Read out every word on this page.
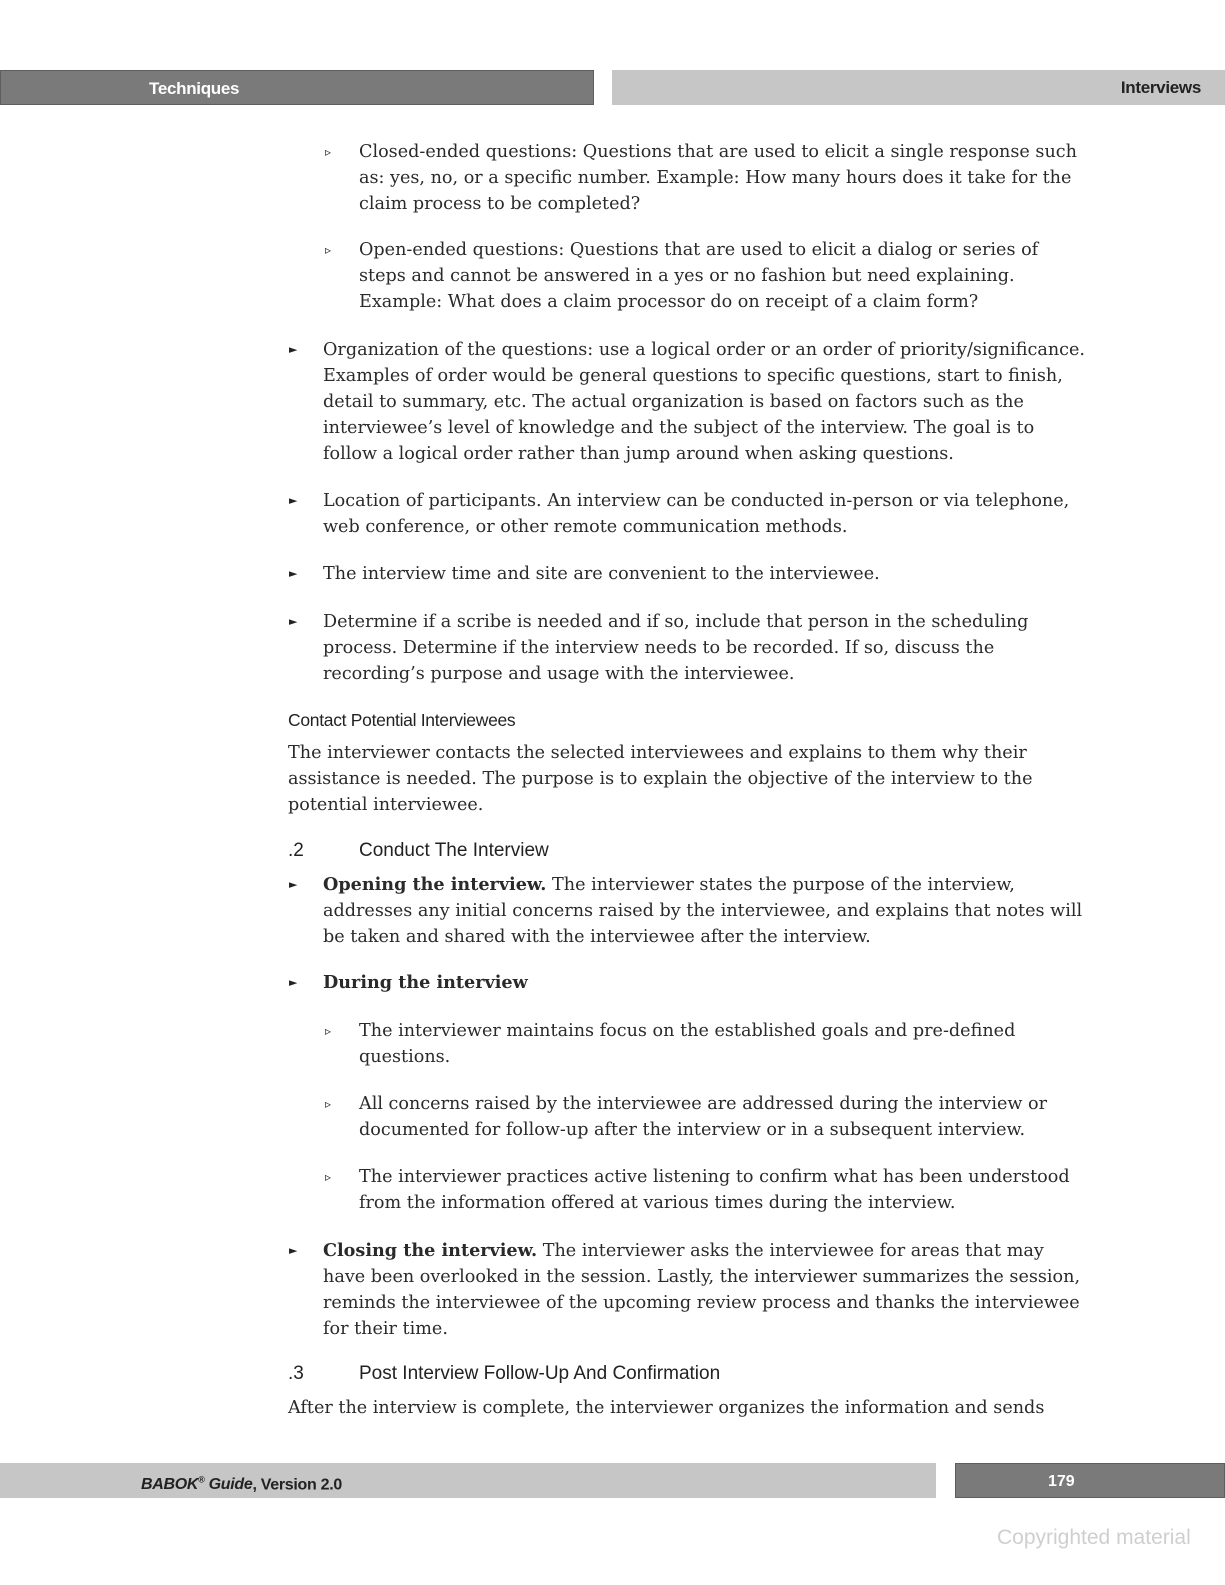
Techniques	Interviews
▹ Closed-ended questions: Questions that are used to elicit a single response such as: yes, no, or a specific number. Example: How many hours does it take for the claim process to be completed?

▹ Open-ended questions: Questions that are used to elicit a dialog or series of steps and cannot be answered in a yes or no fashion but need explaining. Example: What does a claim processor do on receipt of a claim form?

► Organization of the questions: use a logical order or an order of priority/significance. Examples of order would be general questions to specific questions, start to finish, detail to summary, etc. The actual organization is based on factors such as the interviewee’s level of knowledge and the subject of the interview. The goal is to follow a logical order rather than jump around when asking questions.

► Location of participants. An interview can be conducted in-person or via telephone, web conference, or other remote communication methods.

► The interview time and site are convenient to the interviewee.

► Determine if a scribe is needed and if so, include that person in the scheduling process. Determine if the interview needs to be recorded. If so, discuss the recording’s purpose and usage with the interviewee.

Contact Potential Interviewees

The interviewer contacts the selected interviewees and explains to them why their assistance is needed. The purpose is to explain the objective of the interview to the potential interviewee.

.2	Conduct The Interview
► Opening the interview. The interviewer states the purpose of the interview, addresses any initial concerns raised by the interviewee, and explains that notes will be taken and shared with the interviewee after the interview.

► During the interview

▹ The interviewer maintains focus on the established goals and pre-defined questions.

▹ All concerns raised by the interviewee are addressed during the interview or documented for follow-up after the interview or in a subsequent interview.

▹ The interviewer practices active listening to confirm what has been understood from the information offered at various times during the interview.

► Closing the interview. The interviewer asks the interviewee for areas that may have been overlooked in the session. Lastly, the interviewer summarizes the session, reminds the interviewee of the upcoming review process and thanks the interviewee for their time.

.3	Post Interview Follow-Up And Confirmation

After the interview is complete, the interviewer organizes the information and sends

BABOK® Guide, Version 2.0	179
Copyrighted material
